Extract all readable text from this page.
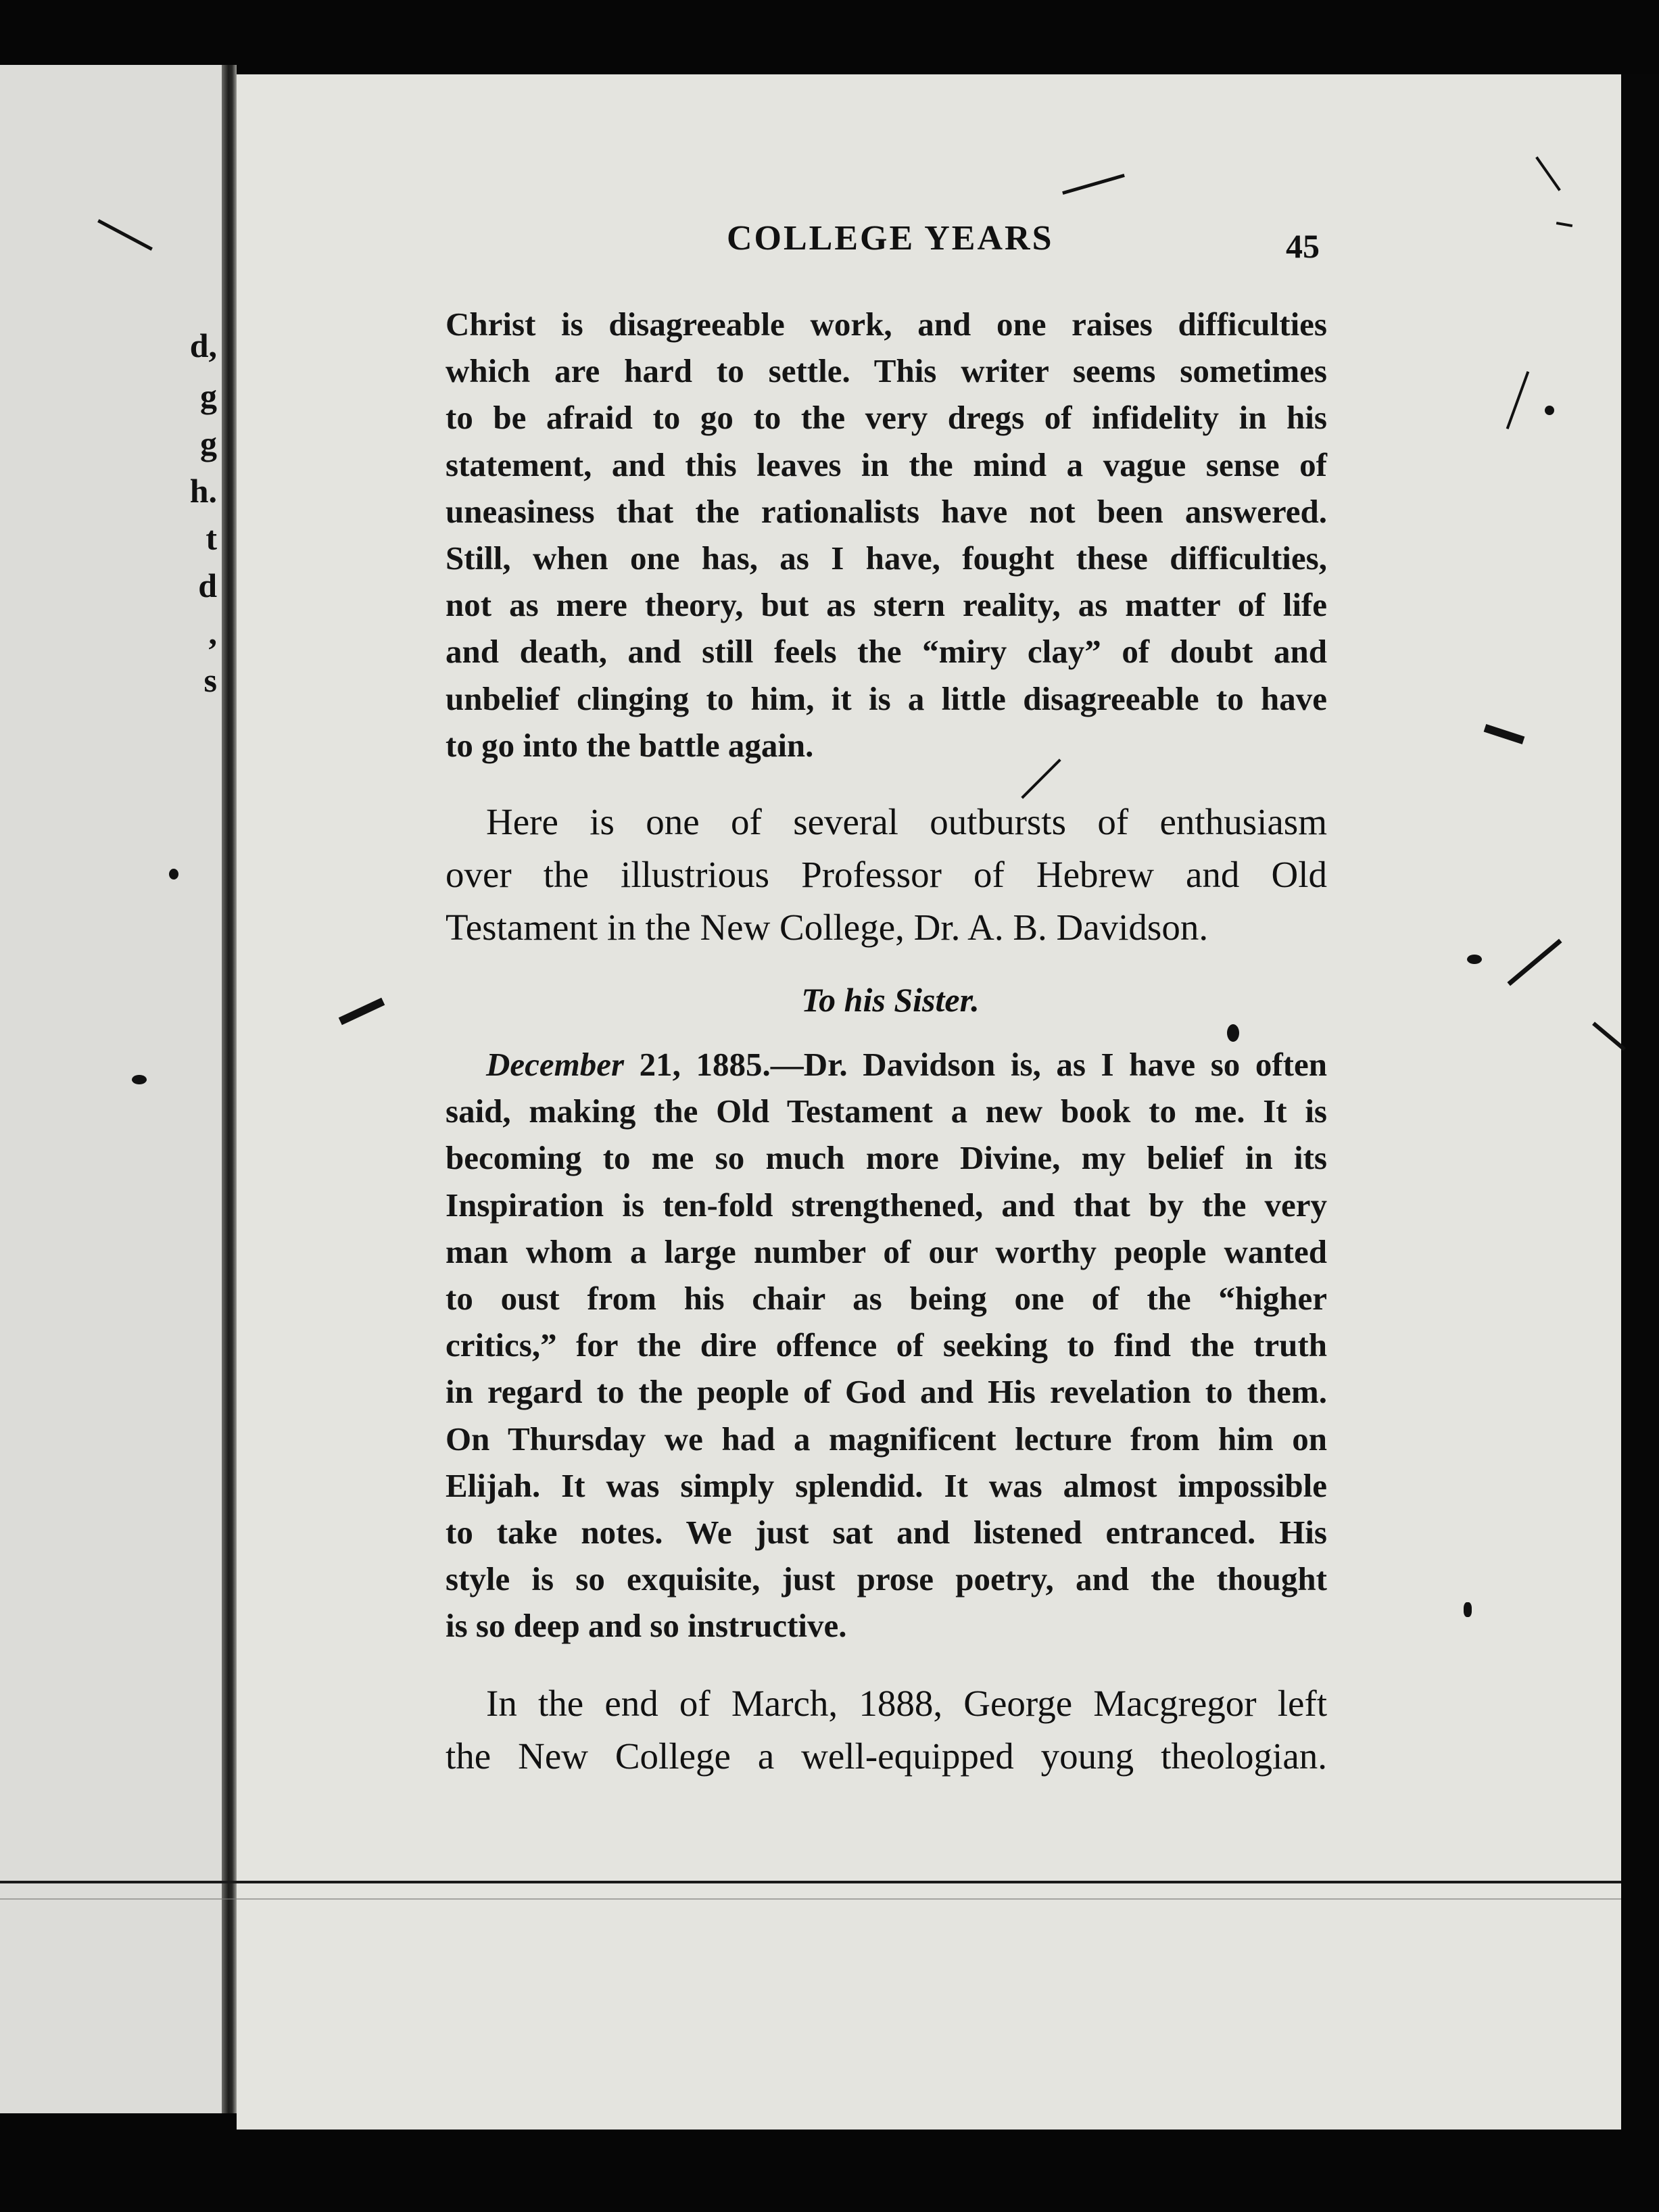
d,
g
g
h.
t
d
,
s
COLLEGE YEARS	45
Christ is disagreeable work, and one raises difficulties
which are hard to settle. This writer seems sometimes
to be afraid to go to the very dregs of infidelity in his
statement, and this leaves in the mind a vague sense of
uneasiness that the rationalists have not been answered.
Still, when one has, as I have, fought these difficulties,
not as mere theory, but as stern reality, as matter of life
and death, and still feels the “miry clay” of doubt and
unbelief clinging to him, it is a little disagreeable to have
to go into the battle again.
Here is one of several outbursts of enthusiasm
over the illustrious Professor of Hebrew and Old
Testament in the New College, Dr. A. B. Davidson.
To his Sister.
December 21, 1885.—Dr. Davidson is, as I have so often
said, making the Old Testament a new book to me. It is
becoming to me so much more Divine, my belief in its
Inspiration is ten-fold strengthened, and that by the very
man whom a large number of our worthy people wanted
to oust from his chair as being one of the “higher
critics,” for the dire offence of seeking to find the truth
in regard to the people of God and His revelation to them.
On Thursday we had a magnificent lecture from him on
Elijah. It was simply splendid. It was almost impossible
to take notes. We just sat and listened entranced. His
style is so exquisite, just prose poetry, and the thought
is so deep and so instructive.
In the end of March, 1888, George Macgregor left
the New College a well-equipped young theologian.
